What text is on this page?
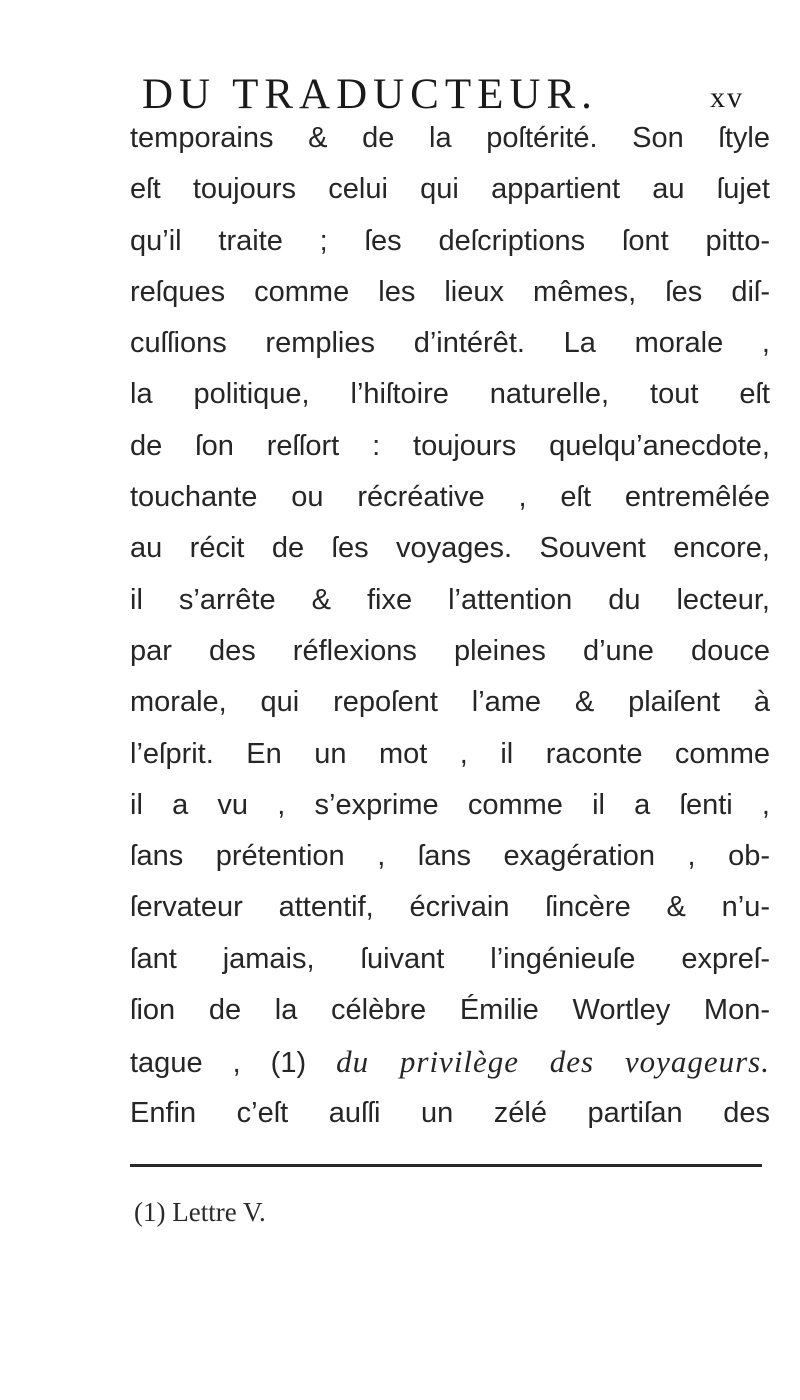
DU TRADUCTEUR.	xv
temporains & de la poſtérité. Son ſtyle
eſt toujours celui qui appartient au ſujet
qu’il traite ; ſes deſcriptions ſont pitto-
reſques comme les lieux mêmes, ſes diſ-
cuſſions remplies d’intérêt. La morale ,
la politique, l’hiſtoire naturelle, tout eſt
de ſon reſſort : toujours quelqu’anecdote,
touchante ou récréative , eſt entremêlée
au récit de ſes voyages. Souvent encore,
il s’arrête & fixe l’attention du lecteur,
par des réflexions pleines d’une douce
morale, qui repoſent l’ame & plaiſent à
l’eſprit. En un mot , il raconte comme
il a vu , s’exprime comme il a ſenti ,
ſans prétention , ſans exagération , ob-
ſervateur attentif, écrivain ſincère & n’u-
ſant jamais, ſuivant l’ingénieuſe expreſ-
ſion de la célèbre Émilie Wortley Mon-
tague , (1) du privilège des voyageurs.
Enfin c’eſt auſſi un zélé partiſan des
(1) Lettre V.
